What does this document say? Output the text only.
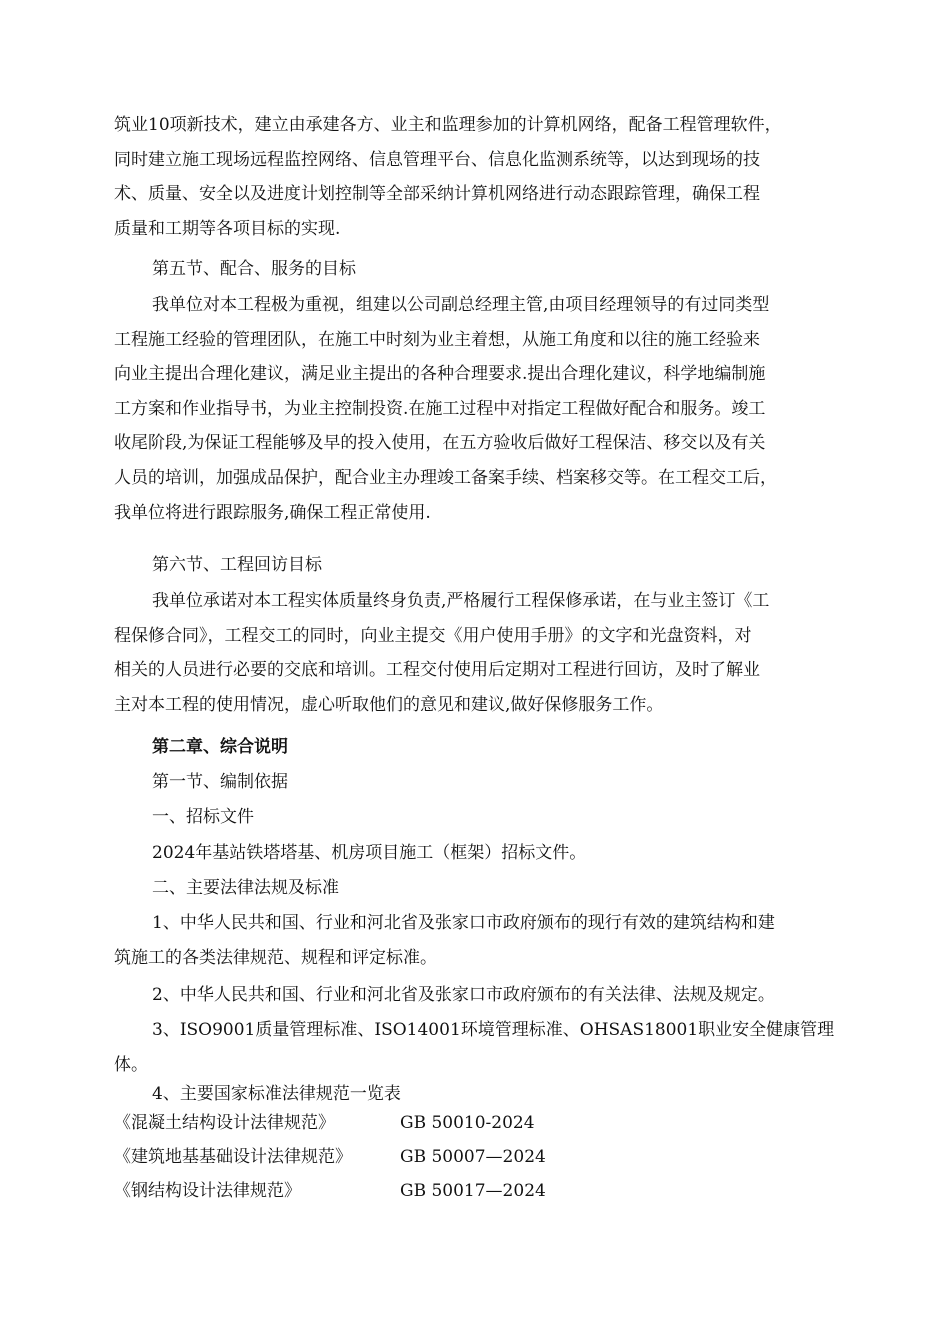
筑业10项新技术，建立由承建各方、业主和监理参加的计算机网络，配备工程管理软件，
同时建立施工现场远程监控网络、信息管理平台、信息化监测系统等，以达到现场的技
术、质量、安全以及进度计划控制等全部采纳计算机网络进行动态跟踪管理，确保工程
质量和工期等各项目标的实现.
第五节、配合、服务的目标
我单位对本工程极为重视，组建以公司副总经理主管,由项目经理领导的有过同类型
工程施工经验的管理团队，在施工中时刻为业主着想，从施工角度和以往的施工经验来
向业主提出合理化建议，满足业主提出的各种合理要求.提出合理化建议，科学地编制施
工方案和作业指导书，为业主控制投资.在施工过程中对指定工程做好配合和服务。竣工
收尾阶段,为保证工程能够及早的投入使用，在五方验收后做好工程保洁、移交以及有关
人员的培训，加强成品保护，配合业主办理竣工备案手续、档案移交等。在工程交工后，
我单位将进行跟踪服务,确保工程正常使用.
第六节、工程回访目标
我单位承诺对本工程实体质量终身负责,严格履行工程保修承诺，在与业主签订《工
程保修合同》，工程交工的同时，向业主提交《用户使用手册》的文字和光盘资料，对
相关的人员进行必要的交底和培训。工程交付使用后定期对工程进行回访，及时了解业
主对本工程的使用情况，虚心听取他们的意见和建议,做好保修服务工作。
第二章、综合说明
第一节、编制依据
一、招标文件
2024年基站铁塔塔基、机房项目施工（框架）招标文件。
二、主要法律法规及标准
1、中华人民共和国、行业和河北省及张家口市政府颁布的现行有效的建筑结构和建
筑施工的各类法律规范、规程和评定标准。
2、中华人民共和国、行业和河北省及张家口市政府颁布的有关法律、法规及规定。
3、ISO9001质量管理标准、ISO14001环境管理标准、OHSAS18001职业安全健康管理
体。
4、主要国家标准法律规范一览表
《混凝土结构设计法律规范》	GB 50010-2024
《建筑地基基础设计法律规范》	GB 50007—2024
《钢结构设计法律规范》	GB 50017—2024
